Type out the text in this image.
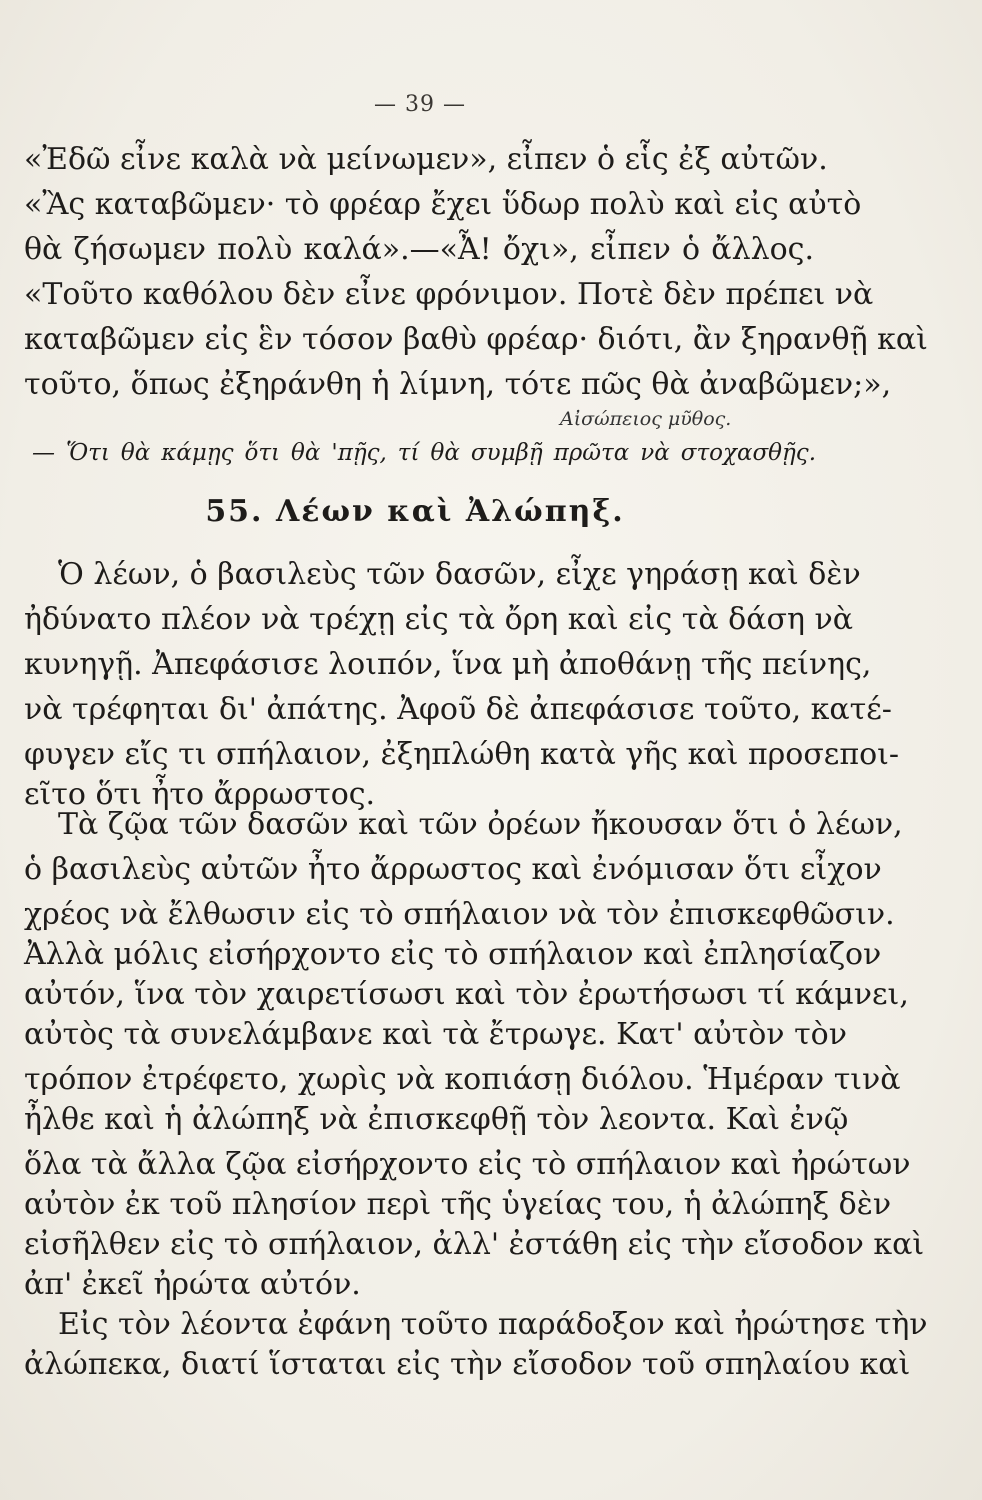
— 39 —
«Ἐδῶ εἶνε καλὰ νὰ μείνωμεν», εἶπεν ὁ εἷς ἐξ αὐτῶν.
«Ἂς καταβῶμεν· τὸ φρέαρ ἔχει ὕδωρ πολὺ καὶ εἰς αὐτὸ
θὰ ζήσωμεν πολὺ καλά».—«Ἆ! ὄχι», εἶπεν ὁ ἄλλος.
«Τοῦτο καθόλου δὲν εἶνε φρόνιμον. Ποτὲ δὲν πρέπει νὰ
καταβῶμεν εἰς ἓν τόσον βαθὺ φρέαρ· διότι, ἂν ξηρανθῇ καὶ
τοῦτο, ὅπως ἐξηράνθη ἡ λίμνη, τότε πῶς θὰ ἀναβῶμεν;»,
Αἰσώπειος μῦθος.
— Ὅτι θὰ κάμῃς ὅτι θὰ 'πῇς, τί θὰ συμβῇ πρῶτα νὰ στοχασθῇς.
55. Λέων καὶ Ἀλώπηξ.
Ὁ λέων, ὁ βασιλεὺς τῶν δασῶν, εἶχε γηράσῃ καὶ δὲν
ἠδύνατο πλέον νὰ τρέχῃ εἰς τὰ ὄρη καὶ εἰς τὰ δάση νὰ
κυνηγῇ. Ἀπεφάσισε λοιπόν, ἵνα μὴ ἀποθάνῃ τῆς πείνης,
νὰ τρέφηται δι' ἀπάτης. Ἀφοῦ δὲ ἀπεφάσισε τοῦτο, κατέ-
φυγεν εἴς τι σπήλαιον, ἐξηπλώθη κατὰ γῆς καὶ προσεποι-
εῖτο ὅτι ἦτο ἄρρωστος.
Τὰ ζῷα τῶν δασῶν καὶ τῶν ὀρέων ἤκουσαν ὅτι ὁ λέων,
ὁ βασιλεὺς αὐτῶν ἦτο ἄρρωστος καὶ ἐνόμισαν ὅτι εἶχον
χρέος νὰ ἔλθωσιν εἰς τὸ σπήλαιον νὰ τὸν ἐπισκεφθῶσιν.
Ἀλλὰ μόλις εἰσήρχοντο εἰς τὸ σπήλαιον καὶ ἐπλησίαζον
αὐτόν, ἵνα τὸν χαιρετίσωσι καὶ τὸν ἐρωτήσωσι τί κάμνει,
αὐτὸς τὰ συνελάμβανε καὶ τὰ ἔτρωγε. Κατ' αὐτὸν τὸν
τρόπον ἐτρέφετο, χωρὶς νὰ κοπιάσῃ διόλου. Ἡμέραν τινὰ
ἦλθε καὶ ἡ ἀλώπηξ νὰ ἐπισκεφθῇ τὸν λεοντα. Καὶ ἐνῷ
ὅλα τὰ ἄλλα ζῷα εἰσήρχοντο εἰς τὸ σπήλαιον καὶ ἠρώτων
αὐτὸν ἐκ τοῦ πλησίον περὶ τῆς ὑγείας του, ἡ ἀλώπηξ δὲν
εἰσῆλθεν εἰς τὸ σπήλαιον, ἀλλ' ἐστάθη εἰς τὴν εἴσοδον καὶ
ἀπ' ἐκεῖ ἠρώτα αὐτόν.
Εἰς τὸν λέοντα ἐφάνη τοῦτο παράδοξον καὶ ἠρώτησε τὴν
ἀλώπεκα, διατί ἵσταται εἰς τὴν εἴσοδον τοῦ σπηλαίου καὶ
